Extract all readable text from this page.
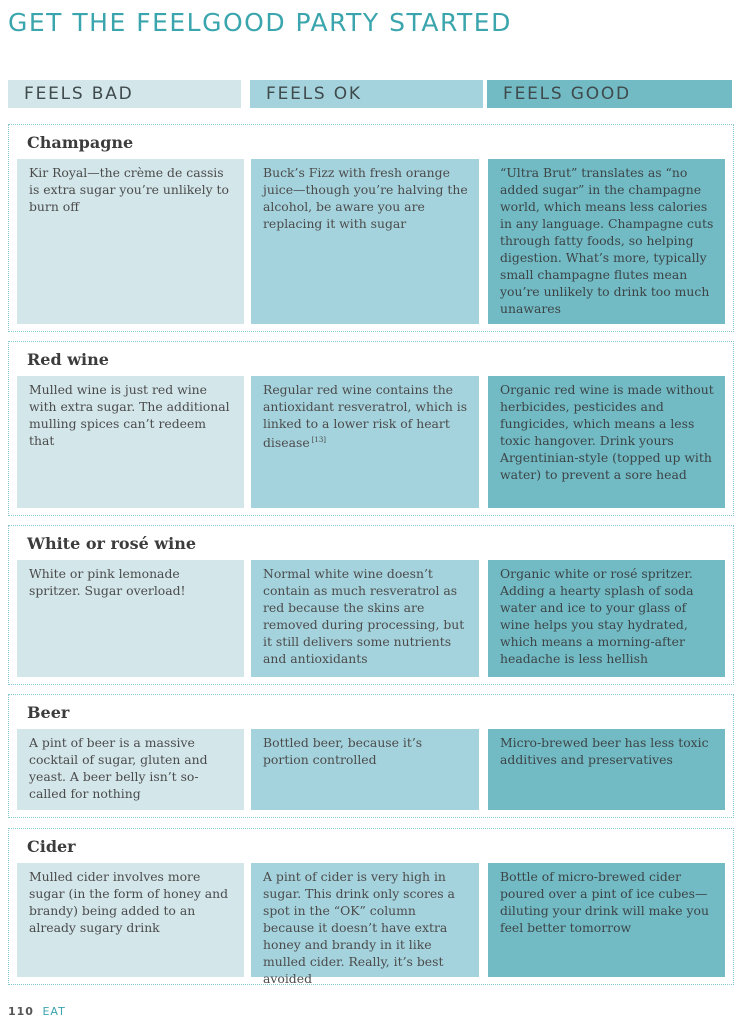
GET THE FEELGOOD PARTY STARTED
FEELS BAD	FEELS OK	FEELS GOOD
Champagne
Kir Royal—the crème de cassis is extra sugar you’re unlikely to burn off
Buck’s Fizz with fresh orange juice—though you’re halving the alcohol, be aware you are replacing it with sugar
“Ultra Brut” translates as “no added sugar” in the champagne world, which means less calories in any language. Champagne cuts through fatty foods, so helping digestion. What’s more, typically small champagne flutes mean you’re unlikely to drink too much unawares
Red wine
Mulled wine is just red wine with extra sugar. The additional mulling spices can’t redeem that
Regular red wine contains the antioxidant resveratrol, which is linked to a lower risk of heart disease [13]
Organic red wine is made without herbicides, pesticides and fungicides, which means a less toxic hangover. Drink yours Argentinian-style (topped up with water) to prevent a sore head
White or rosé wine
White or pink lemonade spritzer. Sugar overload!
Normal white wine doesn’t contain as much resveratrol as red because the skins are removed during processing, but it still delivers some nutrients and antioxidants
Organic white or rosé spritzer. Adding a hearty splash of soda water and ice to your glass of wine helps you stay hydrated, which means a morning-after headache is less hellish
Beer
A pint of beer is a massive cocktail of sugar, gluten and yeast. A beer belly isn’t so-called for nothing
Bottled beer, because it’s portion controlled
Micro-brewed beer has less toxic additives and preservatives
Cider
Mulled cider involves more sugar (in the form of honey and brandy) being added to an already sugary drink
A pint of cider is very high in sugar. This drink only scores a spot in the “OK” column because it doesn’t have extra honey and brandy in it like mulled cider. Really, it’s best avoided
Bottle of micro-brewed cider poured over a pint of ice cubes—diluting your drink will make you feel better tomorrow
110 EAT
